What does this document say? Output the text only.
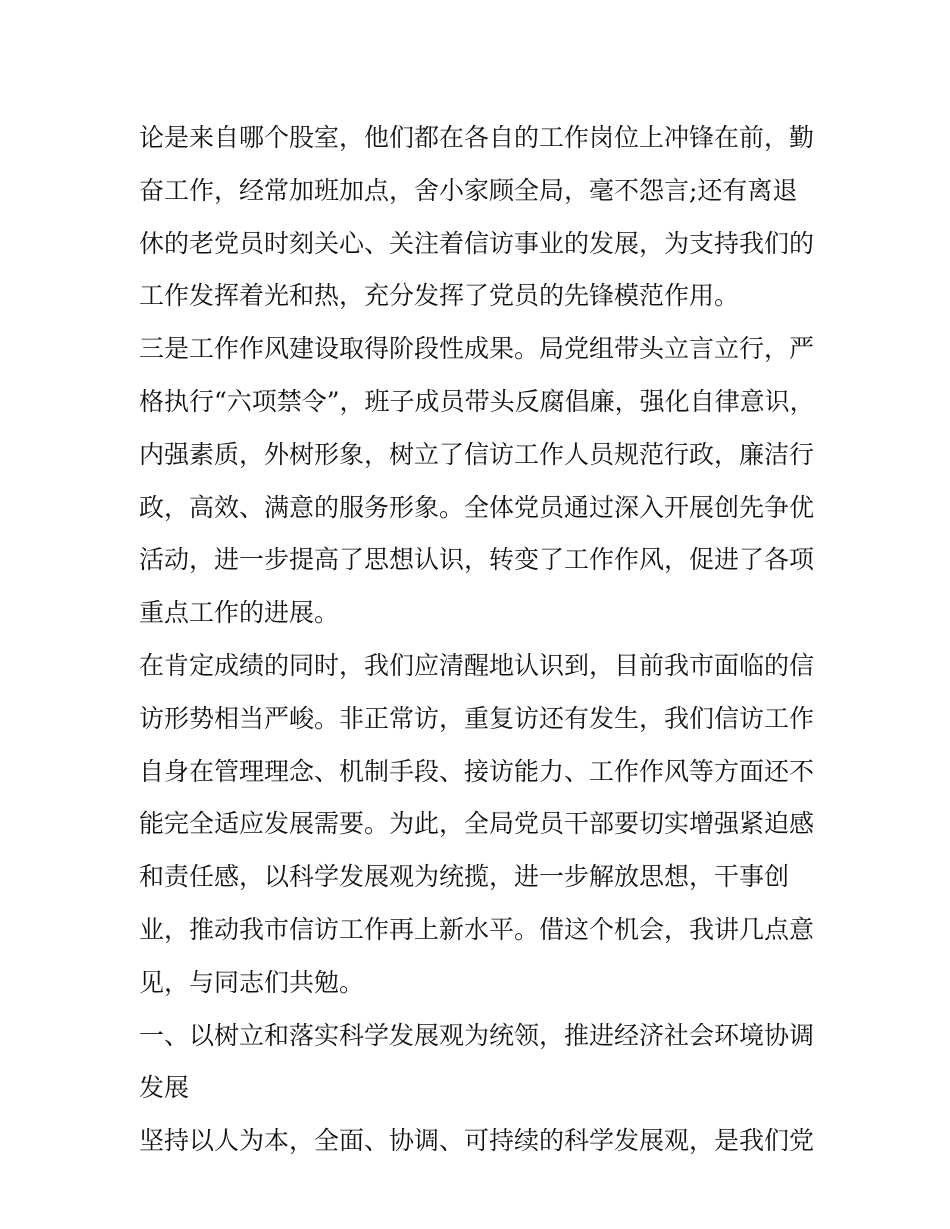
论是来自哪个股室，他们都在各自的工作岗位上冲锋在前，勤
奋工作，经常加班加点，舍小家顾全局，毫不怨言;还有离退
休的老党员时刻关心、关注着信访事业的发展，为支持我们的
工作发挥着光和热，充分发挥了党员的先锋模范作用。
三是工作作风建设取得阶段性成果。局党组带头立言立行，严
格执行“六项禁令”，班子成员带头反腐倡廉，强化自律意识，
内强素质，外树形象，树立了信访工作人员规范行政，廉洁行
政，高效、满意的服务形象。全体党员通过深入开展创先争优
活动，进一步提高了思想认识，转变了工作作风，促进了各项
重点工作的进展。
在肯定成绩的同时，我们应清醒地认识到，目前我市面临的信
访形势相当严峻。非正常访，重复访还有发生，我们信访工作
自身在管理理念、机制手段、接访能力、工作作风等方面还不
能完全适应发展需要。为此，全局党员干部要切实增强紧迫感
和责任感，以科学发展观为统揽，进一步解放思想，干事创
业，推动我市信访工作再上新水平。借这个机会，我讲几点意
见，与同志们共勉。
一、以树立和落实科学发展观为统领，推进经济社会环境协调
发展
坚持以人为本，全面、协调、可持续的科学发展观，是我们党
